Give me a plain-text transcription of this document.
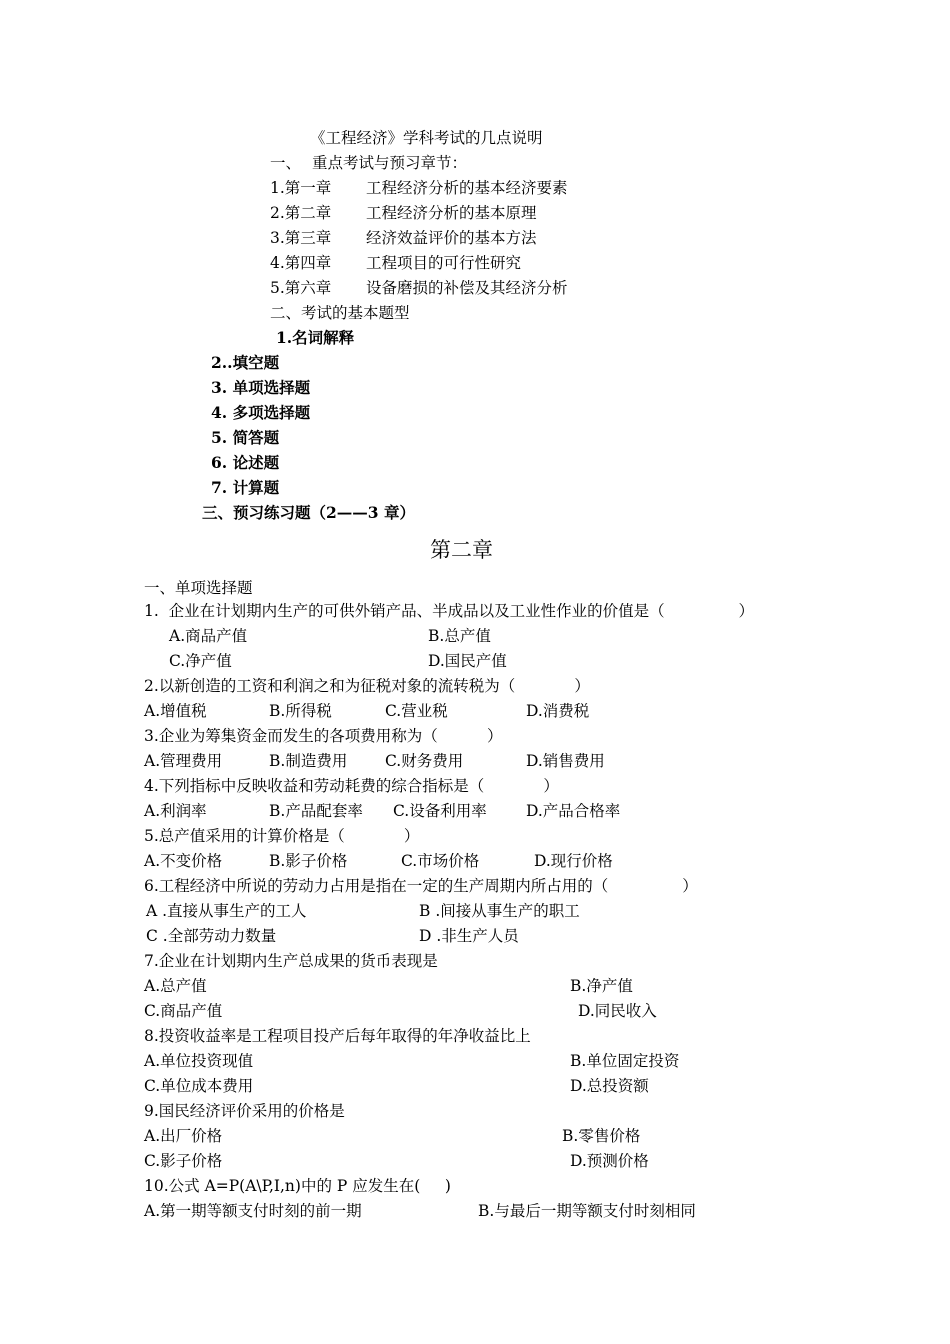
《工程经济》学科考试的几点说明
一、 重点考试与预习章节：
1.第一章 工程经济分析的基本经济要素
2.第二章 工程经济分析的基本原理
3.第三章 经济效益评价的基本方法
4.第四章 工程项目的可行性研究
5.第六章 设备磨损的补偿及其经济分析
二、考试的基本题型
1.名词解释
2..填空题
3. 单项选择题
4. 多项选择题
5. 简答题
6. 论述题
7. 计算题
三、预习练习题（2——3 章）
第二章
一、单项选择题
1.  企业在计划期内生产的可供外销产品、半成品以及工业性作业的价值是（               ）
A.商品产值	B.总产值
C.净产值	D.国民产值
2.以新创造的工资和利润之和为征税对象的流转税为（            ）
A.增值税	B.所得税	C.营业税	D.消费税
3.企业为筹集资金而发生的各项费用称为（          ）
A.管理费用	B.制造费用 C.财务费用	D.销售费用
4.下列指标中反映收益和劳动耗费的综合指标是（            ）
A.利润率	B.产品配套率 C.设备利用率	D.产品合格率
5.总产值采用的计算价格是（            ）
A.不变价格	B.影子价格	C.市场价格	D.现行价格
6.工程经济中所说的劳动力占用是指在一定的生产周期内所占用的（               ）
A .直接从事生产的工人	B .间接从事生产的职工
C .全部劳动力数量	D .非生产人员
7.企业在计划期内生产总成果的货币表现是
A.总产值	B.净产值
C.商品产值	D.同民收入
8.投资收益率是工程项目投产后每年取得的年净收益比上
A.单位投资现值	B.单位固定投资
C.单位成本费用	D.总投资额
9.国民经济评价采用的价格是
A.出厂价格	B.零售价格
C.影子价格	D.预测价格
10.公式 A=P(A\P,I,n)中的 P 应发生在(     )
A.第一期等额支付时刻的前一期	B.与最后一期等额支付时刻相同
